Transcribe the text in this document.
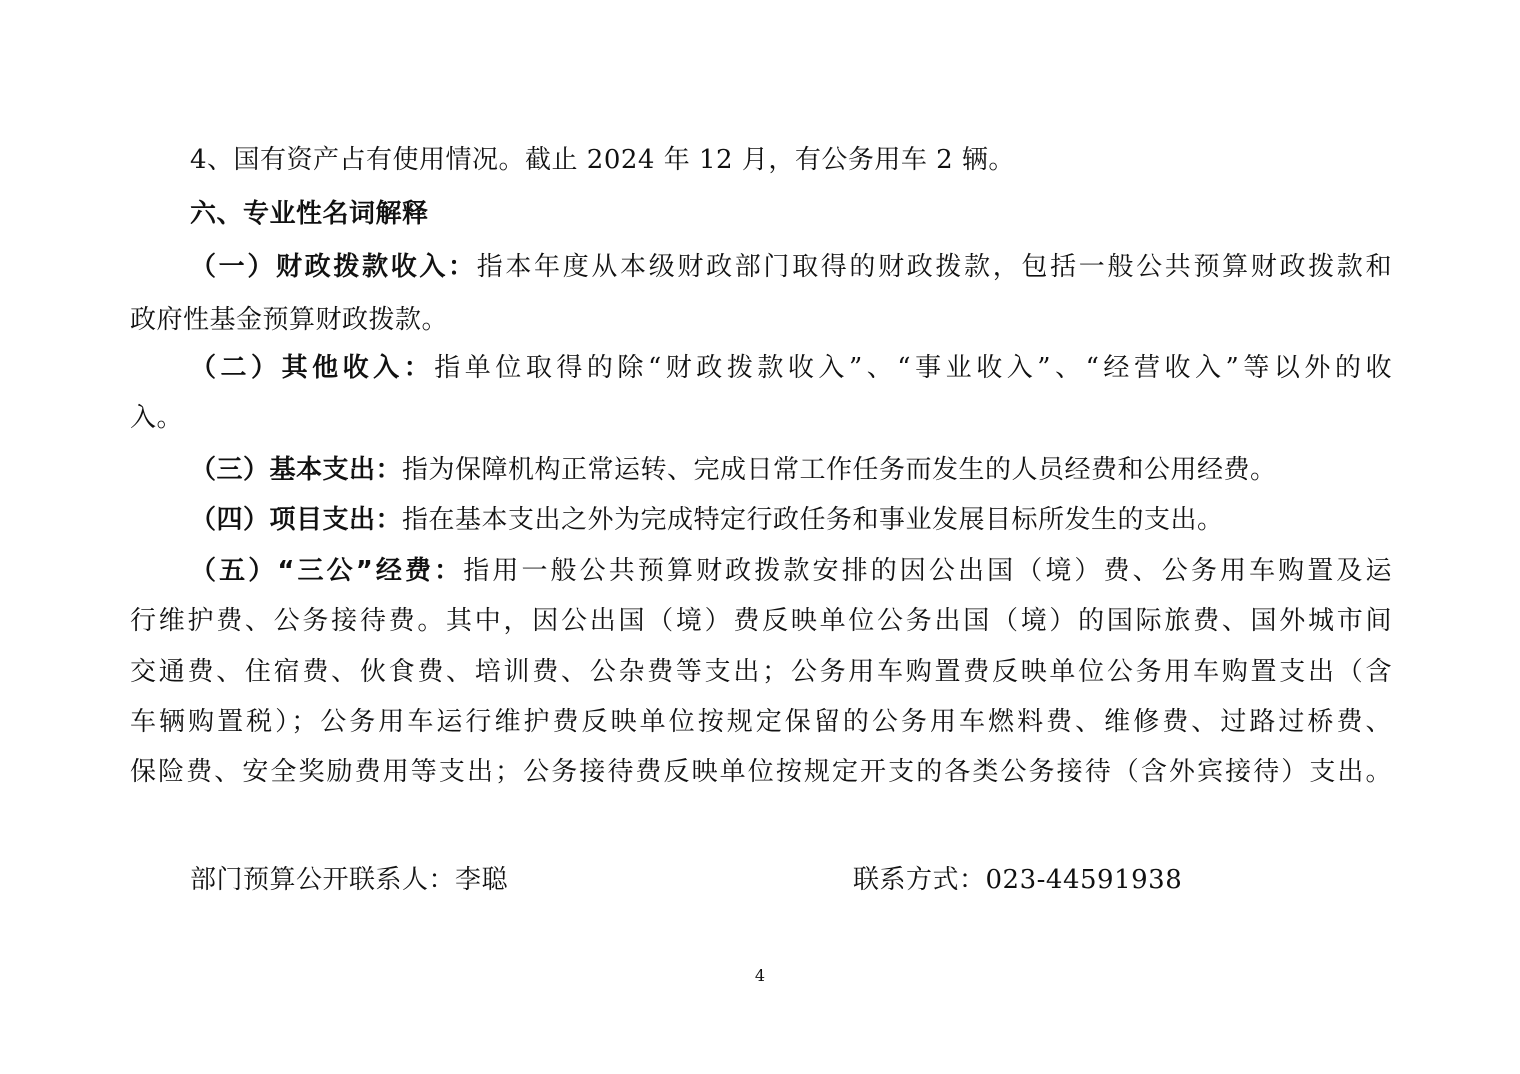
4、国有资产占有使用情况。截止 2024 年 12 月，有公务用车 2 辆。
六、专业性名词解释
（一）财政拨款收入：指本年度从本级财政部门取得的财政拨款，包括一般公共预算财政拨款和
政府性基金预算财政拨款。
（二）其他收入：指单位取得的除“财政拨款收入”、“事业收入”、“经营收入”等以外的收
入。
（三）基本支出：指为保障机构正常运转、完成日常工作任务而发生的人员经费和公用经费。
（四）项目支出：指在基本支出之外为完成特定行政任务和事业发展目标所发生的支出。
（五）“三公”经费：指用一般公共预算财政拨款安排的因公出国（境）费、公务用车购置及运
行维护费、公务接待费。其中，因公出国（境）费反映单位公务出国（境）的国际旅费、国外城市间
交通费、住宿费、伙食费、培训费、公杂费等支出；公务用车购置费反映单位公务用车购置支出（含
车辆购置税）；公务用车运行维护费反映单位按规定保留的公务用车燃料费、维修费、过路过桥费、
保险费、安全奖励费用等支出；公务接待费反映单位按规定开支的各类公务接待（含外宾接待）支出。
部门预算公开联系人：李聪	联系方式：023-44591938
4
